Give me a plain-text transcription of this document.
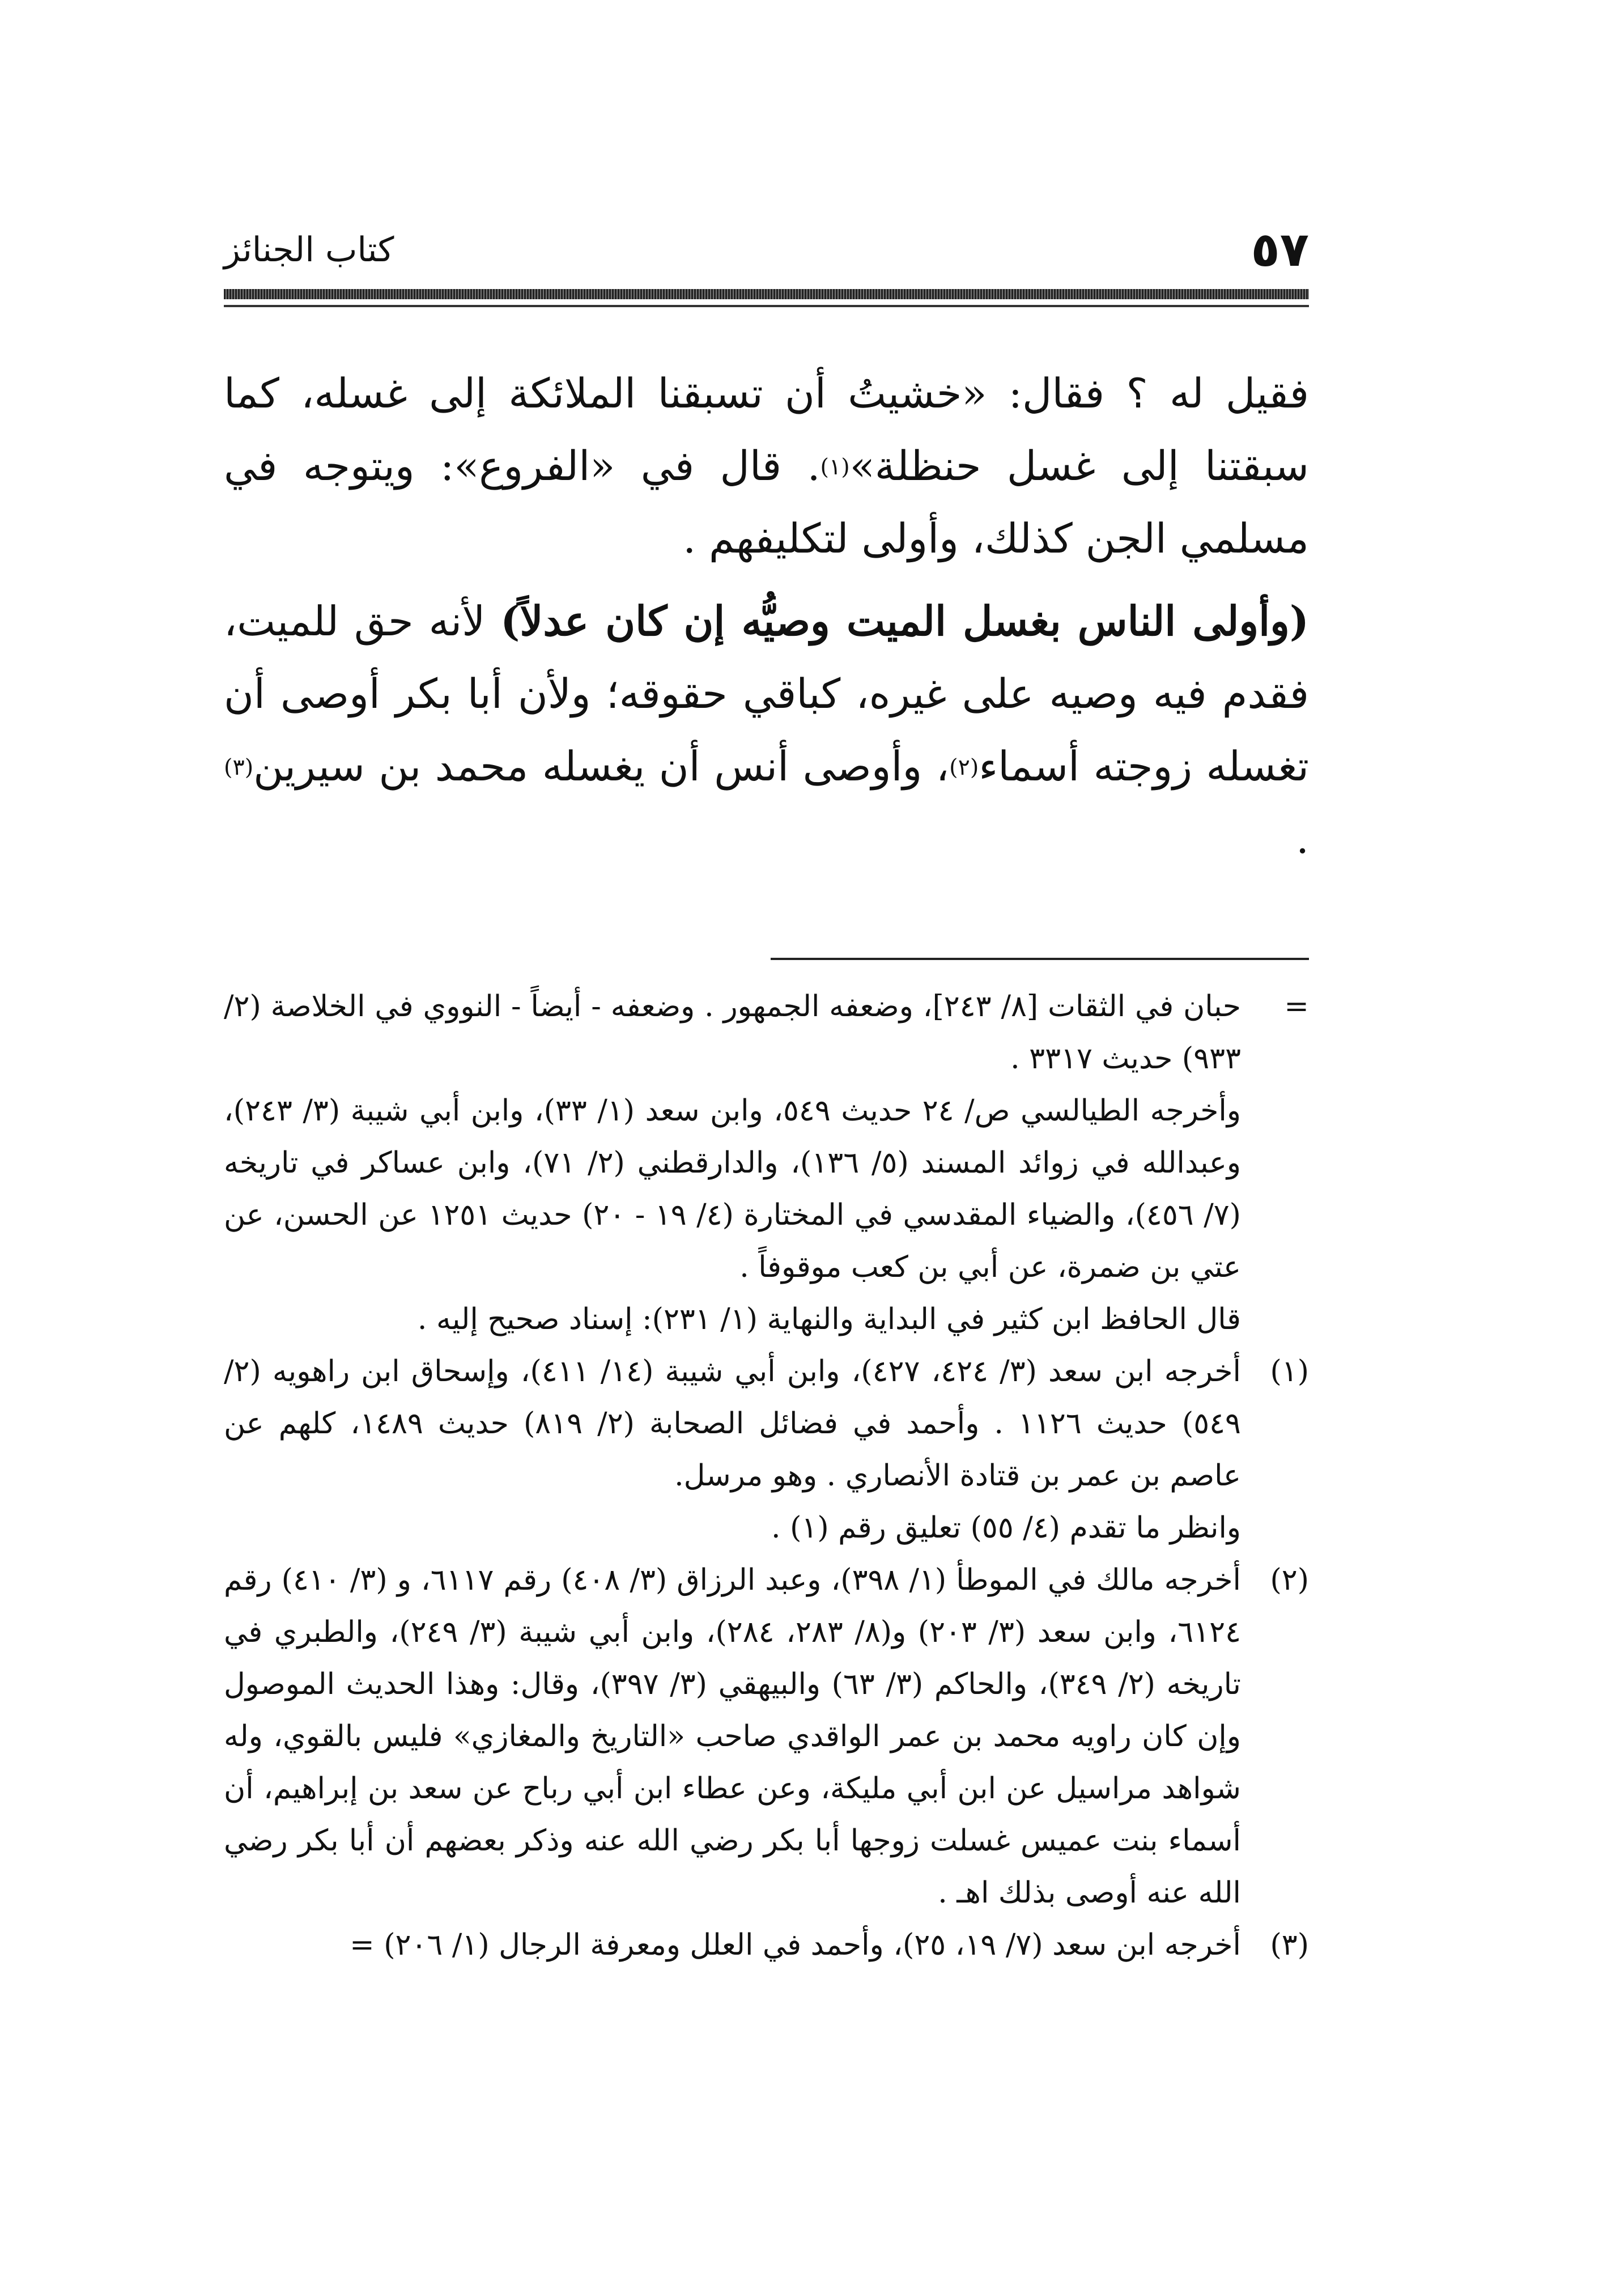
٥٧
كتاب الجنائز

فقيل له ؟ فقال: «خشيتُ أن تسبقنا الملائكة إلى غسله، كما سبقتنا إلى غسل حنظلة»$^{(١)}$. قال في «الفروع»: ويتوجه في مسلمي الجن كذلك، وأولى لتكليفهم .

(وأولى الناس بغسل الميت وصيُّه إن كان عدلاً) لأنه حق للميت، فقدم فيه وصيه على غيره، كباقي حقوقه؛ ولأن أبا بكر أوصى أن تغسله زوجته أسماء$^{(٢)}$، وأوصى أنس أن يغسله محمد بن سيرين$^{(٣)}$ .

=

حبان في الثقات [٨/ ٢٤٣]، وضعفه الجمهور . وضعفه - أيضاً - النووي في الخلاصة (٢/ ٩٣٣) حديث ٣٣١٧ .

وأخرجه الطيالسي ص/ ٢٤ حديث ٥٤٩، وابن سعد (١/ ٣٣)، وابن أبي شيبة (٣/ ٢٤٣)، وعبدالله في زوائد المسند (٥/ ١٣٦)، والدارقطني (٢/ ٧١)، وابن عساكر في تاريخه (٧/ ٤٥٦)، والضياء المقدسي في المختارة (٤/ ١٩ - ٢٠) حديث ١٢٥١ عن الحسن، عن عتي بن ضمرة، عن أبي بن كعب موقوفاً .

قال الحافظ ابن كثير في البداية والنهاية (١/ ٢٣١): إسناد صحيح إليه .

(١)

أخرجه ابن سعد (٣/ ٤٢٤، ٤٢٧)، وابن أبي شيبة (١٤/ ٤١١)، وإسحاق ابن راهويه (٢/ ٥٤٩) حديث ١١٢٦ . وأحمد في فضائل الصحابة (٢/ ٨١٩) حديث ١٤٨٩، كلهم عن عاصم بن عمر بن قتادة الأنصاري . وهو مرسل.

وانظر ما تقدم (٤/ ٥٥) تعليق رقم (١) .

(٢)

أخرجه مالك في الموطأ (١/ ٣٩٨)، وعبد الرزاق (٣/ ٤٠٨) رقم ٦١١٧، و (٣/ ٤١٠) رقم ٦١٢٤، وابن سعد (٣/ ٢٠٣) و(٨/ ٢٨٣، ٢٨٤)، وابن أبي شيبة (٣/ ٢٤٩)، والطبري في تاريخه (٢/ ٣٤٩)، والحاكم (٣/ ٦٣) والبيهقي (٣/ ٣٩٧)، وقال: وهذا الحديث الموصول وإن كان راويه محمد بن عمر الواقدي صاحب «التاريخ والمغازي» فليس بالقوي، وله شواهد مراسيل عن ابن أبي مليكة، وعن عطاء ابن أبي رباح عن سعد بن إبراهيم، أن أسماء بنت عميس غسلت زوجها أبا بكر رضي الله عنه وذكر بعضهم أن أبا بكر رضي الله عنه أوصى بذلك اهـ .

(٣)

أخرجه ابن سعد (٧/ ١٩، ٢٥)، وأحمد في العلل ومعرفة الرجال (١/ ٢٠٦) =
